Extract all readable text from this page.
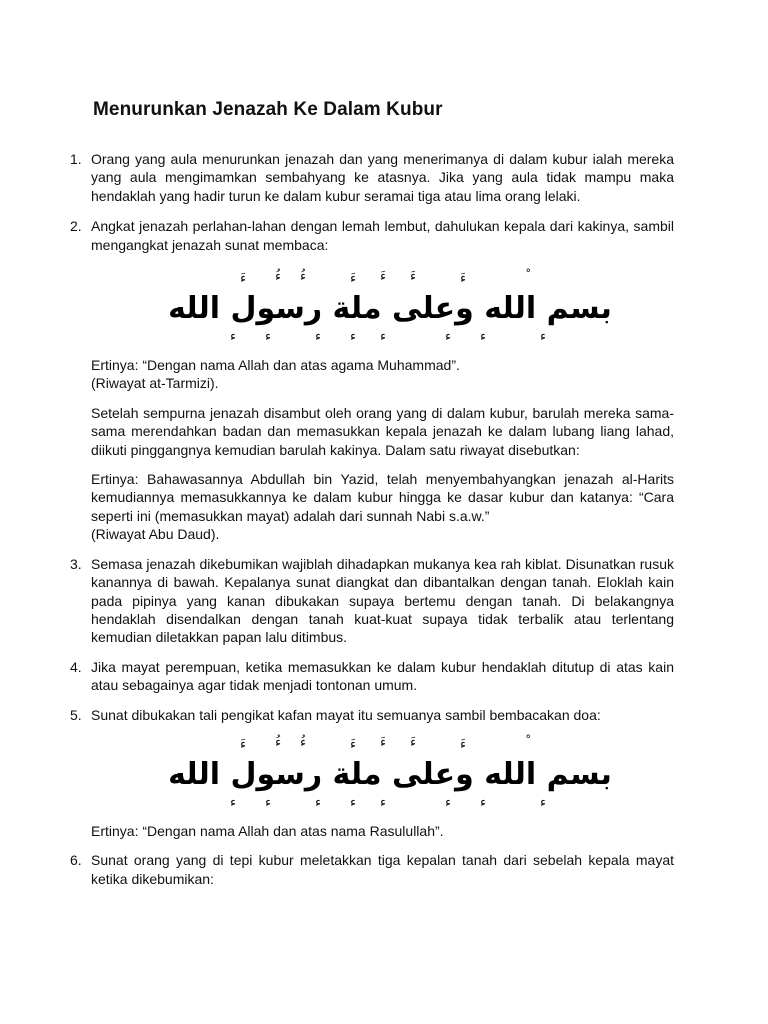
Menurunkan Jenazah Ke Dalam Kubur
1. Orang yang aula menurunkan jenazah dan yang menerimanya di dalam kubur ialah mereka yang aula mengimamkan sembahyang ke atasnya. Jika yang aula tidak mampu maka hendaklah yang hadir turun ke dalam kubur seramai tiga atau lima orang lelaki.
2. Angkat jenazah perlahan-lahan dengan lemah lembut, dahulukan kepala dari kakinya, sambil mengangkat jenazah sunat membaca:
ءَ ءُ ءُ	ءَ ءَ ءَ	ءَ
ء ء	ء ء ء	ء ء	ء
بسم الله وعلى ملة رسول الله
Ertinya: “Dengan nama Allah dan atas agama Muhammad”.
(Riwayat at-Tarmizi).
Setelah sempurna jenazah disambut oleh orang yang di dalam kubur, barulah mereka sama-sama merendahkan badan dan memasukkan kepala jenazah ke dalam lubang liang lahad, diikuti pinggangnya kemudian barulah kakinya. Dalam satu riwayat disebutkan:
Ertinya: Bahawasannya Abdullah bin Yazid, telah menyembahyangkan jenazah al-Harits kemudiannya memasukkannya ke dalam kubur hingga ke dasar kubur dan katanya: “Cara seperti ini (memasukkan mayat) adalah dari sunnah Nabi s.a.w.”
(Riwayat Abu Daud).
3. Semasa jenazah dikebumikan wajiblah dihadapkan mukanya kea rah kiblat. Disunatkan rusuk kanannya di bawah. Kepalanya sunat diangkat dan dibantalkan dengan tanah. Eloklah kain pada pipinya yang kanan dibukakan supaya bertemu dengan tanah. Di belakangnya hendaklah disendalkan dengan tanah kuat-kuat supaya tidak terbalik atau terlentang kemudian diletakkan papan lalu ditimbus.
4. Jika mayat perempuan, ketika memasukkan ke dalam kubur hendaklah ditutup di atas kain atau sebagainya agar tidak menjadi tontonan umum.
5. Sunat dibukakan tali pengikat kafan mayat itu semuanya sambil bembacakan doa:
ءَ ءُ ءُ	ءَ ءَ ءَ	ءَ
ء ء	ء ء ء	ء ء	ء
بسم الله وعلى ملة رسول الله
Ertinya: “Dengan nama Allah dan atas nama Rasulullah”.
6. Sunat orang yang di tepi kubur meletakkan tiga kepalan tanah dari sebelah kepala mayat ketika dikebumikan:
